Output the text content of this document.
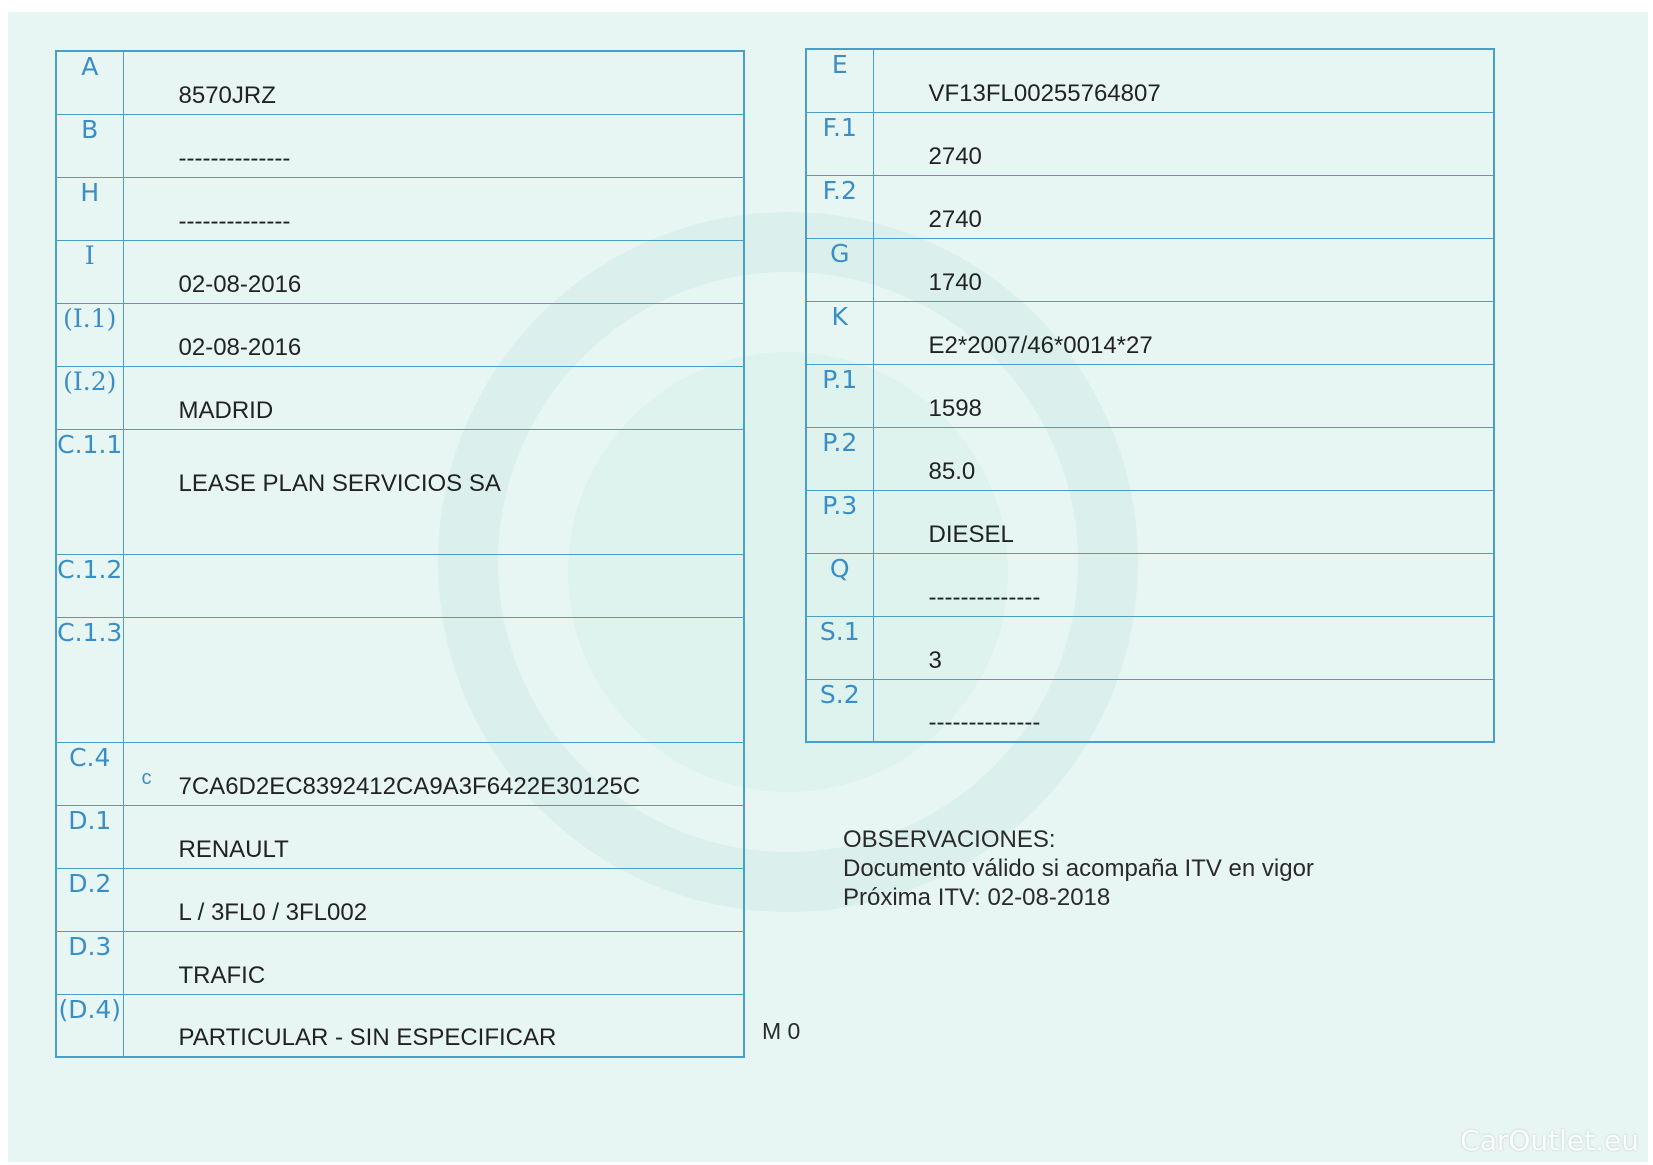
A	8570JRZ

B	--------------

H	--------------

I	02-08-2016

(I.1)	02-08-2016

(I.2)	MADRID

C.1.1	LEASE PLAN SERVICIOS SA

C.1.2	

C.1.3	

C.4	c 7CA6D2EC8392412CA9A3F6422E30125C

D.1	RENAULT

D.2	L / 3FL0 / 3FL002

D.3	TRAFIC

(D.4)	PARTICULAR - SIN ESPECIFICAR
E	VF13FL00255764807

F.1	2740

F.2	2740

G	1740

K	E2*2007/46*0014*27

P.1	1598

P.2	85.0

P.3	DIESEL

Q	--------------

S.1	3

S.2	--------------
OBSERVACIONES:
Documento válido si acompaña ITV en vigor
Próxima ITV: 02-08-2018
M 0
CarOutlet.eu
